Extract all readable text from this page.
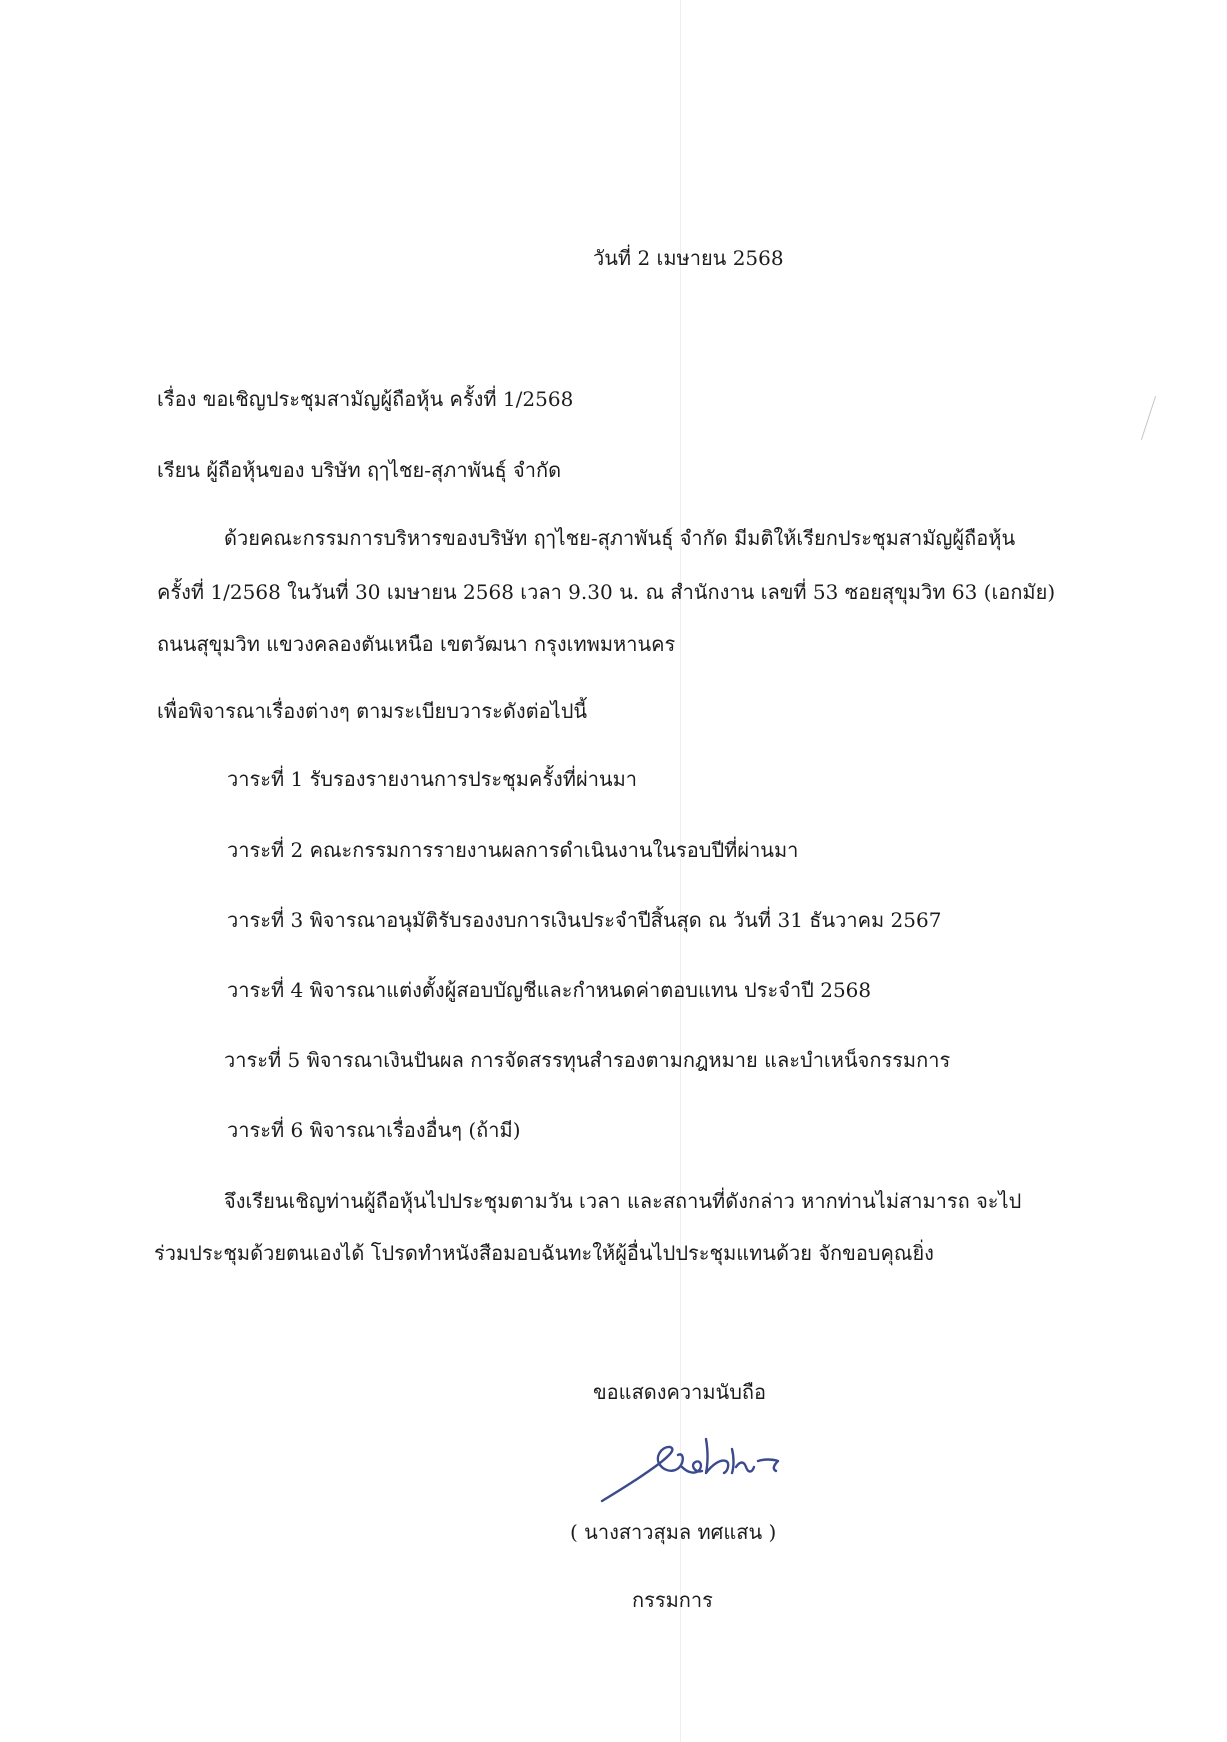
วันที่ 2 เมษายน 2568
เรื่อง ขอเชิญประชุมสามัญผู้ถือหุ้น ครั้งที่ 1/2568
เรียน ผู้ถือหุ้นของ บริษัท ฤๅไชย-สุภาพันธุ์ จำกัด
ด้วยคณะกรรมการบริหารของบริษัท ฤๅไชย-สุภาพันธุ์ จำกัด มีมติให้เรียกประชุมสามัญผู้ถือหุ้น
ครั้งที่ 1/2568 ในวันที่ 30 เมษายน 2568 เวลา 9.30 น. ณ สำนักงาน เลขที่ 53 ซอยสุขุมวิท 63 (เอกมัย)
ถนนสุขุมวิท แขวงคลองตันเหนือ เขตวัฒนา กรุงเทพมหานคร
เพื่อพิจารณาเรื่องต่างๆ ตามระเบียบวาระดังต่อไปนี้
วาระที่ 1 รับรองรายงานการประชุมครั้งที่ผ่านมา
วาระที่ 2 คณะกรรมการรายงานผลการดำเนินงานในรอบปีที่ผ่านมา
วาระที่ 3 พิจารณาอนุมัติรับรองงบการเงินประจำปีสิ้นสุด ณ วันที่ 31 ธันวาคม 2567
วาระที่ 4 พิจารณาแต่งตั้งผู้สอบบัญชีและกำหนดค่าตอบแทน ประจำปี 2568
วาระที่ 5 พิจารณาเงินปันผล การจัดสรรทุนสำรองตามกฎหมาย และบำเหน็จกรรมการ
วาระที่ 6 พิจารณาเรื่องอื่นๆ (ถ้ามี)
จึงเรียนเชิญท่านผู้ถือหุ้นไปประชุมตามวัน เวลา และสถานที่ดังกล่าว หากท่านไม่สามารถ จะไป
ร่วมประชุมด้วยตนเองได้ โปรดทำหนังสือมอบฉันทะให้ผู้อื่นไปประชุมแทนด้วย จักขอบคุณยิ่ง
ขอแสดงความนับถือ
( นางสาวสุมล ทศแสน )
กรรมการ
